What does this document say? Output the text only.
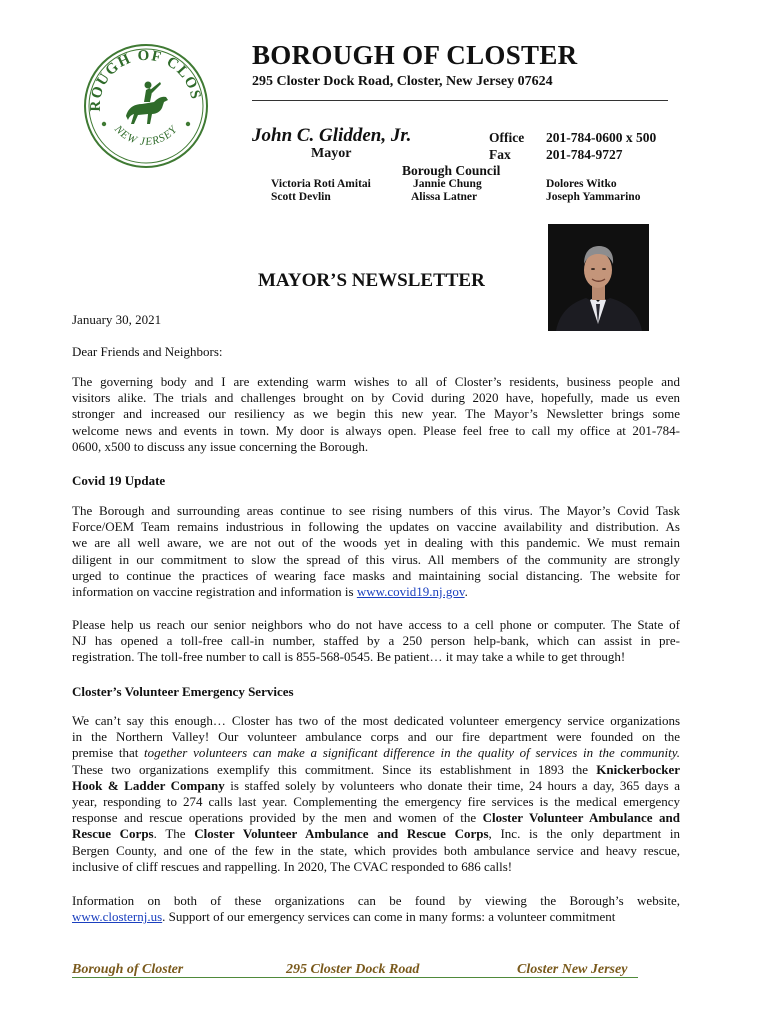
ROUGH OF CLOS
NEW JERSEY
BOROUGH OF CLOSTER
295 Closter Dock Road, Closter, New Jersey 07624
John C. Glidden, Jr.
Mayor
Office 201-784-0600 x 500
Fax	201-784-9727
Borough Council
Victoria Roti Amitai
Scott Devlin
Jannie Chung
Alissa Latner
Dolores Witko
Joseph Yammarino
MAYOR’S NEWSLETTER
January 30, 2021
Dear Friends and Neighbors:
The governing body and I are extending warm wishes to all of Closter’s residents, business people and
visitors alike. The trials and challenges brought on by Covid during 2020 have, hopefully, made us even
stronger and increased our resiliency as we begin this new year. The Mayor’s Newsletter brings some
welcome news and events in town. My door is always open. Please feel free to call my office at 201-784-
0600, x500 to discuss any issue concerning the Borough.
Covid 19 Update
The Borough and surrounding areas continue to see rising numbers of this virus. The Mayor’s Covid Task
Force/OEM Team remains industrious in following the updates on vaccine availability and distribution. As
we are all well aware, we are not out of the woods yet in dealing with this pandemic. We must remain
diligent in our commitment to slow the spread of this virus. All members of the community are strongly
urged to continue the practices of wearing face masks and maintaining social distancing. The website for
information on vaccine registration and information is www.covid19.nj.gov.
Please help us reach our senior neighbors who do not have access to a cell phone or computer. The State of
NJ has opened a toll-free call-in number, staffed by a 250 person help-bank, which can assist in pre-
registration. The toll-free number to call is 855-568-0545. Be patient… it may take a while to get through!
Closter’s Volunteer Emergency Services
We can’t say this enough… Closter has two of the most dedicated volunteer emergency service organizations
in the Northern Valley! Our volunteer ambulance corps and our fire department were founded on the
premise that together volunteers can make a significant difference in the quality of services in the community.
These two organizations exemplify this commitment. Since its establishment in 1893 the Knickerbocker
Hook & Ladder Company is staffed solely by volunteers who donate their time, 24 hours a day, 365 days a
year, responding to 274 calls last year. Complementing the emergency fire services is the medical emergency
response and rescue operations provided by the men and women of the Closter Volunteer Ambulance and
Rescue Corps. The Closter Volunteer Ambulance and Rescue Corps, Inc. is the only department in
Bergen County, and one of the few in the state, which provides both ambulance service and heavy rescue,
inclusive of cliff rescues and rappelling. In 2020, The CVAC responded to 686 calls!
Information on both of these organizations can be found by viewing the Borough’s website,
www.closternj.us. Support of our emergency services can come in many forms: a volunteer commitment
Borough of Closter	295 Closter Dock Road	Closter New Jersey
